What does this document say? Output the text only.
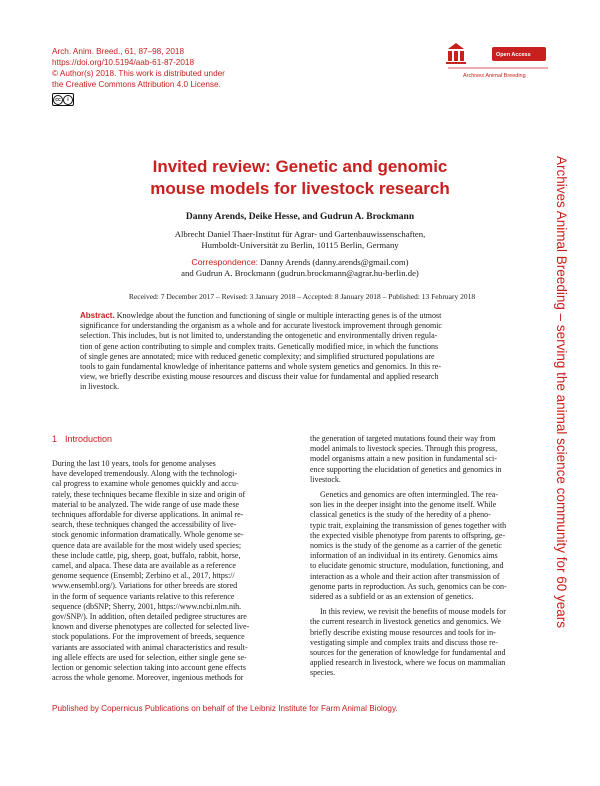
Arch. Anim. Breed., 61, 87–98, 2018
https://doi.org/10.5194/aab-61-87-2018
© Author(s) 2018. This work is distributed under
the Creative Commons Attribution 4.0 License.
cc	i
Open Access
Archives Animal Breeding
Archives Animal Breeding – serving the animal science community for 60 years
Invited review: Genetic and genomic
mouse models for livestock research
Danny Arends, Deike Hesse, and Gudrun A. Brockmann
Albrecht Daniel Thaer-Institut für Agrar- und Gartenbauwissenschaften,
Humboldt-Universität zu Berlin, 10115 Berlin, Germany
Correspondence: Danny Arends (danny.arends@gmail.com)
and Gudrun A. Brockmann (gudrun.brockmann@agrar.hu-berlin.de)
Received: 7 December 2017 – Revised: 3 January 2018 – Accepted: 8 January 2018 – Published: 13 February 2018
Abstract. Knowledge about the function and functioning of single or multiple interacting genes is of the utmost
significance for understanding the organism as a whole and for accurate livestock improvement through genomic
selection. This includes, but is not limited to, understanding the ontogenetic and environmentally driven regula-
tion of gene action contributing to simple and complex traits. Genetically modified mice, in which the functions
of single genes are annotated; mice with reduced genetic complexity; and simplified structured populations are
tools to gain fundamental knowledge of inheritance patterns and whole system genetics and genomics. In this re-
view, we briefly describe existing mouse resources and discuss their value for fundamental and applied research
in livestock.
1 Introduction
During the last 10 years, tools for genome analyses
have developed tremendously. Along with the technologi-
cal progress to examine whole genomes quickly and accu-
rately, these techniques became flexible in size and origin of
material to be analyzed. The wide range of use made these
techniques affordable for diverse applications. In animal re-
search, these techniques changed the accessibility of live-
stock genomic information dramatically. Whole genome se-
quence data are available for the most widely used species;
these include cattle, pig, sheep, goat, buffalo, rabbit, horse,
camel, and alpaca. These data are available as a reference
genome sequence (Ensembl; Zerbino et al., 2017, https://
www.ensembl.org/). Variations for other breeds are stored
in the form of sequence variants relative to this reference
sequence (dbSNP; Sherry, 2001, https://www.ncbi.nlm.nih.
gov/SNP/). In addition, often detailed pedigree structures are
known and diverse phenotypes are collected for selected live-
stock populations. For the improvement of breeds, sequence
variants are associated with animal characteristics and result-
ing allele effects are used for selection, either single gene se-
lection or genomic selection taking into account gene effects
across the whole genome. Moreover, ingenious methods for
the generation of targeted mutations found their way from
model animals to livestock species. Through this progress,
model organisms attain a new position in fundamental sci-
ence supporting the elucidation of genetics and genomics in
livestock.
Genetics and genomics are often intermingled. The rea-
son lies in the deeper insight into the genome itself. While
classical genetics is the study of the heredity of a pheno-
typic trait, explaining the transmission of genes together with
the expected visible phenotype from parents to offspring, ge-
nomics is the study of the genome as a carrier of the genetic
information of an individual in its entirety. Genomics aims
to elucidate genomic structure, modulation, functioning, and
interaction as a whole and their action after transmission of
genome parts in reproduction. As such, genomics can be con-
sidered as a subfield or as an extension of genetics.
In this review, we revisit the benefits of mouse models for
the current research in livestock genetics and genomics. We
briefly describe existing mouse resources and tools for in-
vestigating simple and complex traits and discuss those re-
sources for the generation of knowledge for fundamental and
applied research in livestock, where we focus on mammalian
species.
Published by Copernicus Publications on behalf of the Leibniz Institute for Farm Animal Biology.
